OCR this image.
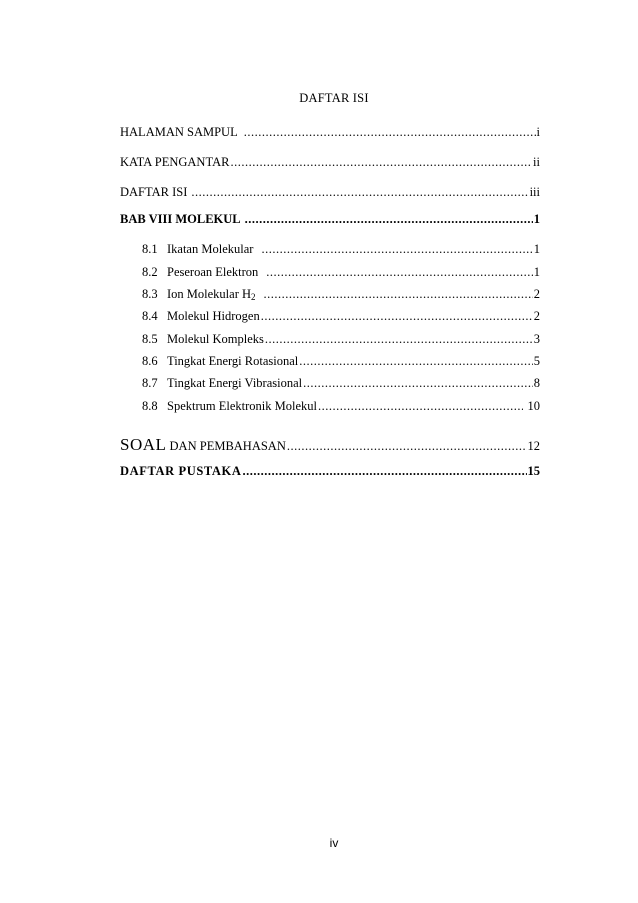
DAFTAR ISI
HALAMAN SAMPUL .....	i
KATA PENGANTAR .....	ii
DAFTAR ISI .....	iii
BAB VIII MOLEKUL .....	1
8.1 Ikatan Molekular .....	1
8.2 Peseroan Elektron .....	1
8.3 Ion Molekular H2 .....	2
8.4 Molekul Hidrogen .....	2
8.5 Molekul Kompleks .....	3
8.6 Tingkat Energi Rotasional .....	5
8.7 Tingkat Energi Vibrasional .....	8
8.8 Spektrum Elektronik Molekul .....	10
SOAL DAN PEMBAHASAN .....	12
DAFTAR PUSTAKA .....	15
iv
